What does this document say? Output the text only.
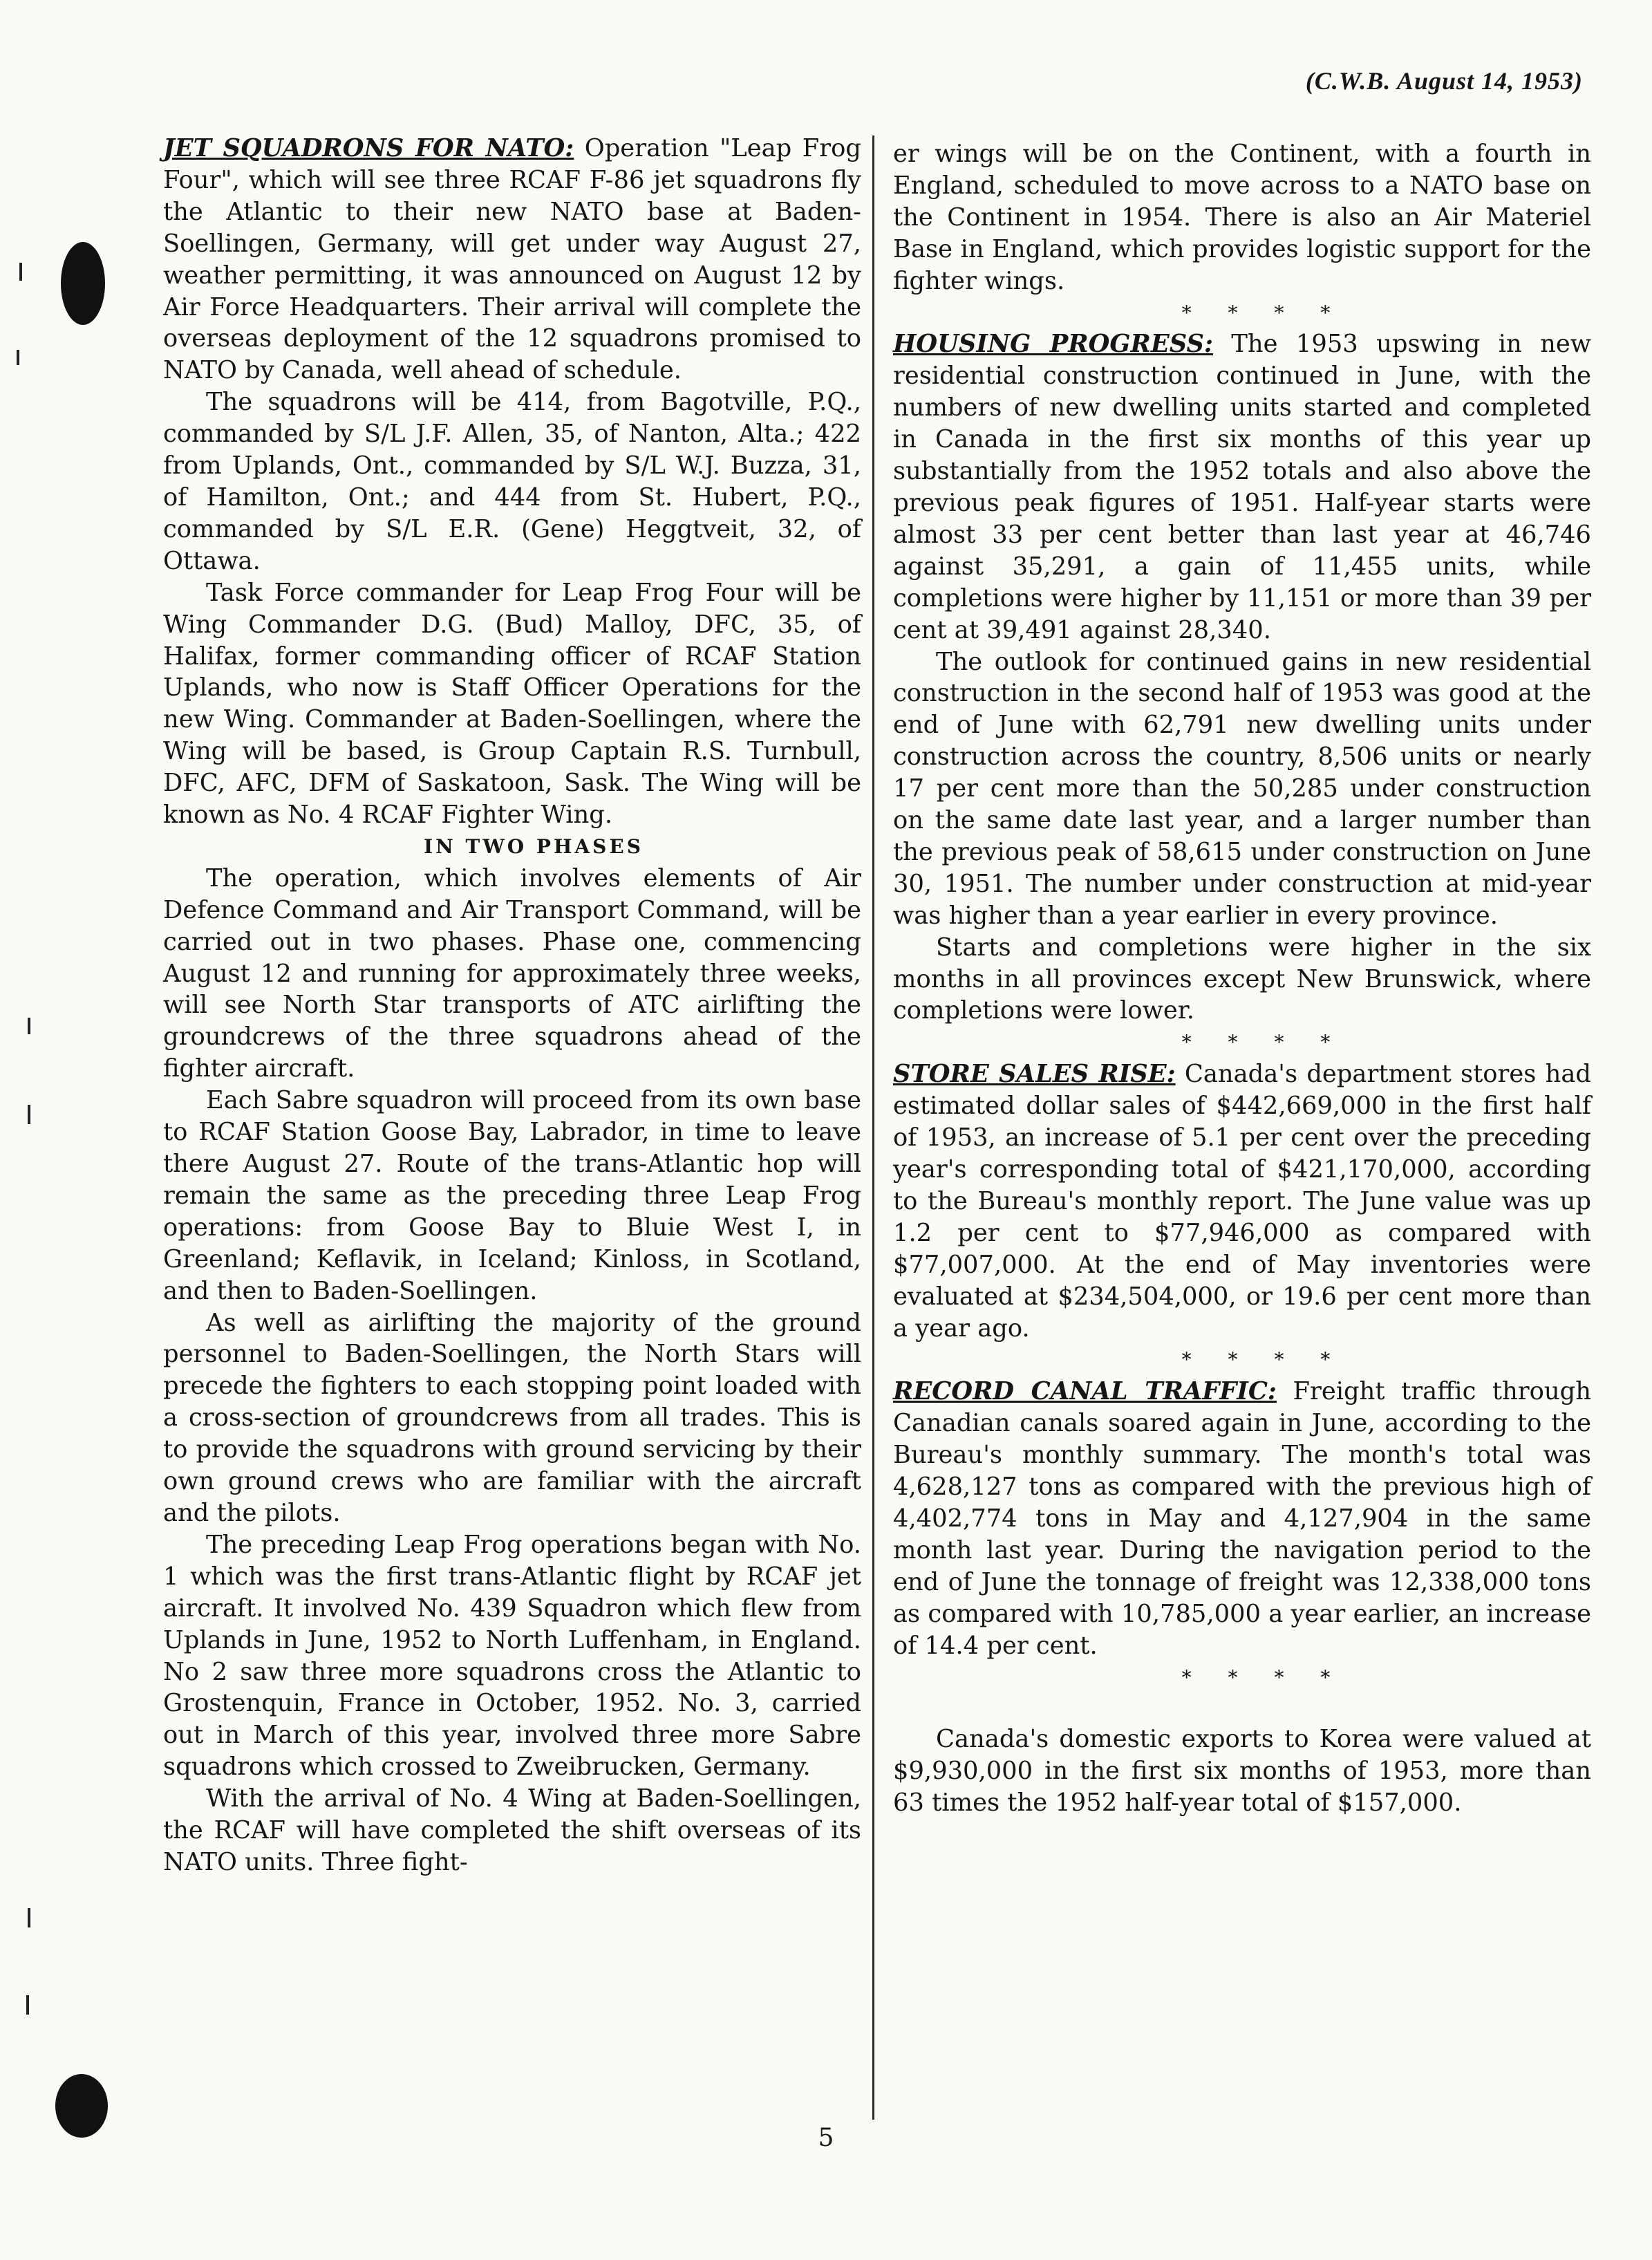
(C.W.B. August 14, 1953)

JET SQUADRONS FOR NATO: Operation "Leap Frog Four", which will see three RCAF F-86 jet squadrons fly the Atlantic to their new NATO base at Baden-Soellingen, Germany, will get under way August 27, weather permitting, it was announced on August 12 by Air Force Headquarters. Their arrival will complete the overseas deployment of the 12 squadrons promised to NATO by Canada, well ahead of schedule.

The squadrons will be 414, from Bagotville, P.Q., commanded by S/L J.F. Allen, 35, of Nanton, Alta.; 422 from Uplands, Ont., commanded by S/L W.J. Buzza, 31, of Hamilton, Ont.; and 444 from St. Hubert, P.Q., commanded by S/L E.R. (Gene) Heggtveit, 32, of Ottawa.

Task Force commander for Leap Frog Four will be Wing Commander D.G. (Bud) Malloy, DFC, 35, of Halifax, former commanding officer of RCAF Station Uplands, who now is Staff Officer Operations for the new Wing. Commander at Baden-Soellingen, where the Wing will be based, is Group Captain R.S. Turnbull, DFC, AFC, DFM of Saskatoon, Sask. The Wing will be known as No. 4 RCAF Fighter Wing.

IN TWO PHASES

The operation, which involves elements of Air Defence Command and Air Transport Command, will be carried out in two phases. Phase one, commencing August 12 and running for approximately three weeks, will see North Star transports of ATC airlifting the groundcrews of the three squadrons ahead of the fighter aircraft.

Each Sabre squadron will proceed from its own base to RCAF Station Goose Bay, Labrador, in time to leave there August 27. Route of the trans-Atlantic hop will remain the same as the preceding three Leap Frog operations: from Goose Bay to Bluie West I, in Greenland; Keflavik, in Iceland; Kinloss, in Scotland, and then to Baden-Soellingen.

As well as airlifting the majority of the ground personnel to Baden-Soellingen, the North Stars will precede the fighters to each stopping point loaded with a cross-section of groundcrews from all trades. This is to provide the squadrons with ground servicing by their own ground crews who are familiar with the aircraft and the pilots.

The preceding Leap Frog operations began with No. 1 which was the first trans-Atlantic flight by RCAF jet aircraft. It involved No. 439 Squadron which flew from Uplands in June, 1952 to North Luffenham, in England. No 2 saw three more squadrons cross the Atlantic to Grostenquin, France in October, 1952. No. 3, carried out in March of this year, involved three more Sabre squadrons which crossed to Zweibrucken, Germany.

With the arrival of No. 4 Wing at Baden-Soellingen, the RCAF will have completed the shift overseas of its NATO units. Three fight-

er wings will be on the Continent, with a fourth in England, scheduled to move across to a NATO base on the Continent in 1954. There is also an Air Materiel Base in England, which provides logistic support for the fighter wings.

* * * *

HOUSING PROGRESS: The 1953 upswing in new residential construction continued in June, with the numbers of new dwelling units started and completed in Canada in the first six months of this year up substantially from the 1952 totals and also above the previous peak figures of 1951. Half-year starts were almost 33 per cent better than last year at 46,746 against 35,291, a gain of 11,455 units, while completions were higher by 11,151 or more than 39 per cent at 39,491 against 28,340.

The outlook for continued gains in new residential construction in the second half of 1953 was good at the end of June with 62,791 new dwelling units under construction across the country, 8,506 units or nearly 17 per cent more than the 50,285 under construction on the same date last year, and a larger number than the previous peak of 58,615 under construction on June 30, 1951. The number under construction at mid-year was higher than a year earlier in every province.

Starts and completions were higher in the six months in all provinces except New Brunswick, where completions were lower.

* * * *

STORE SALES RISE: Canada's department stores had estimated dollar sales of $442,669,000 in the first half of 1953, an increase of 5.1 per cent over the preceding year's corresponding total of $421,170,000, according to the Bureau's monthly report. The June value was up 1.2 per cent to $77,946,000 as compared with $77,007,000. At the end of May inventories were evaluated at $234,504,000, or 19.6 per cent more than a year ago.

* * * *

RECORD CANAL TRAFFIC: Freight traffic through Canadian canals soared again in June, according to the Bureau's monthly summary. The month's total was 4,628,127 tons as compared with the previous high of 4,402,774 tons in May and 4,127,904 in the same month last year. During the navigation period to the end of June the tonnage of freight was 12,338,000 tons as compared with 10,785,000 a year earlier, an increase of 14.4 per cent.

* * * *

Canada's domestic exports to Korea were valued at $9,930,000 in the first six months of 1953, more than 63 times the 1952 half-year total of $157,000.

5
